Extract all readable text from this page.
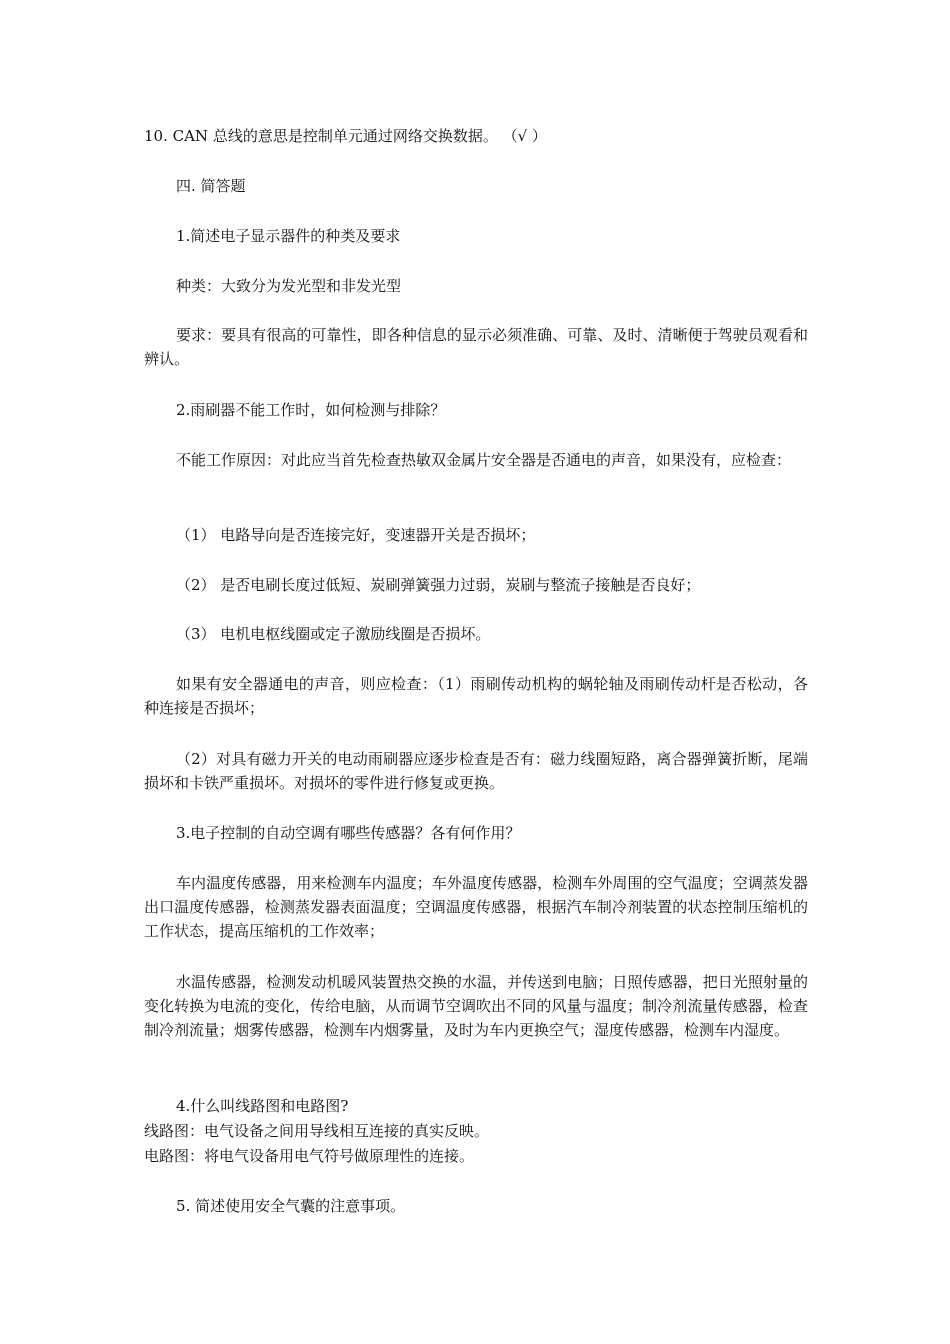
10. CAN 总线的意思是控制单元通过网络交换数据。 （√ ）

四. 简答题

1.简述电子显示器件的种类及要求

种类：大致分为发光型和非发光型

要求：要具有很高的可靠性，即各种信息的显示必须准确、可靠、及时、清晰便于驾驶员观看和辨认。

2.雨刷器不能工作时，如何检测与排除？

不能工作原因：对此应当首先检查热敏双金属片安全器是否通电的声音，如果没有，应检查：

（1） 电路导向是否连接完好，变速器开关是否损坏；

（2） 是否电刷长度过低短、炭刷弹簧强力过弱，炭刷与整流子接触是否良好；

（3） 电机电枢线圈或定子激励线圈是否损坏。

如果有安全器通电的声音，则应检查：（1）雨刷传动机构的蜗轮轴及雨刷传动杆是否松动，各种连接是否损坏；

（2）对具有磁力开关的电动雨刷器应逐步检查是否有：磁力线圈短路，离合器弹簧折断，尾端损坏和卡铁严重损坏。对损坏的零件进行修复或更换。

3.电子控制的自动空调有哪些传感器？各有何作用？

车内温度传感器，用来检测车内温度；车外温度传感器，检测车外周围的空气温度；空调蒸发器出口温度传感器，检测蒸发器表面温度；空调温度传感器，根据汽车制冷剂装置的状态控制压缩机的工作状态，提高压缩机的工作效率；

水温传感器，检测发动机暖风装置热交换的水温，并传送到电脑；日照传感器，把日光照射量的变化转换为电流的变化，传给电脑，从而调节空调吹出不同的风量与温度；制冷剂流量传感器，检查制冷剂流量；烟雾传感器，检测车内烟雾量，及时为车内更换空气；湿度传感器，检测车内湿度。

4.什么叫线路图和电路图?

线路图：电气设备之间用导线相互连接的真实反映。

电路图：将电气设备用电气符号做原理性的连接。

5. 简述使用安全气囊的注意事项。
